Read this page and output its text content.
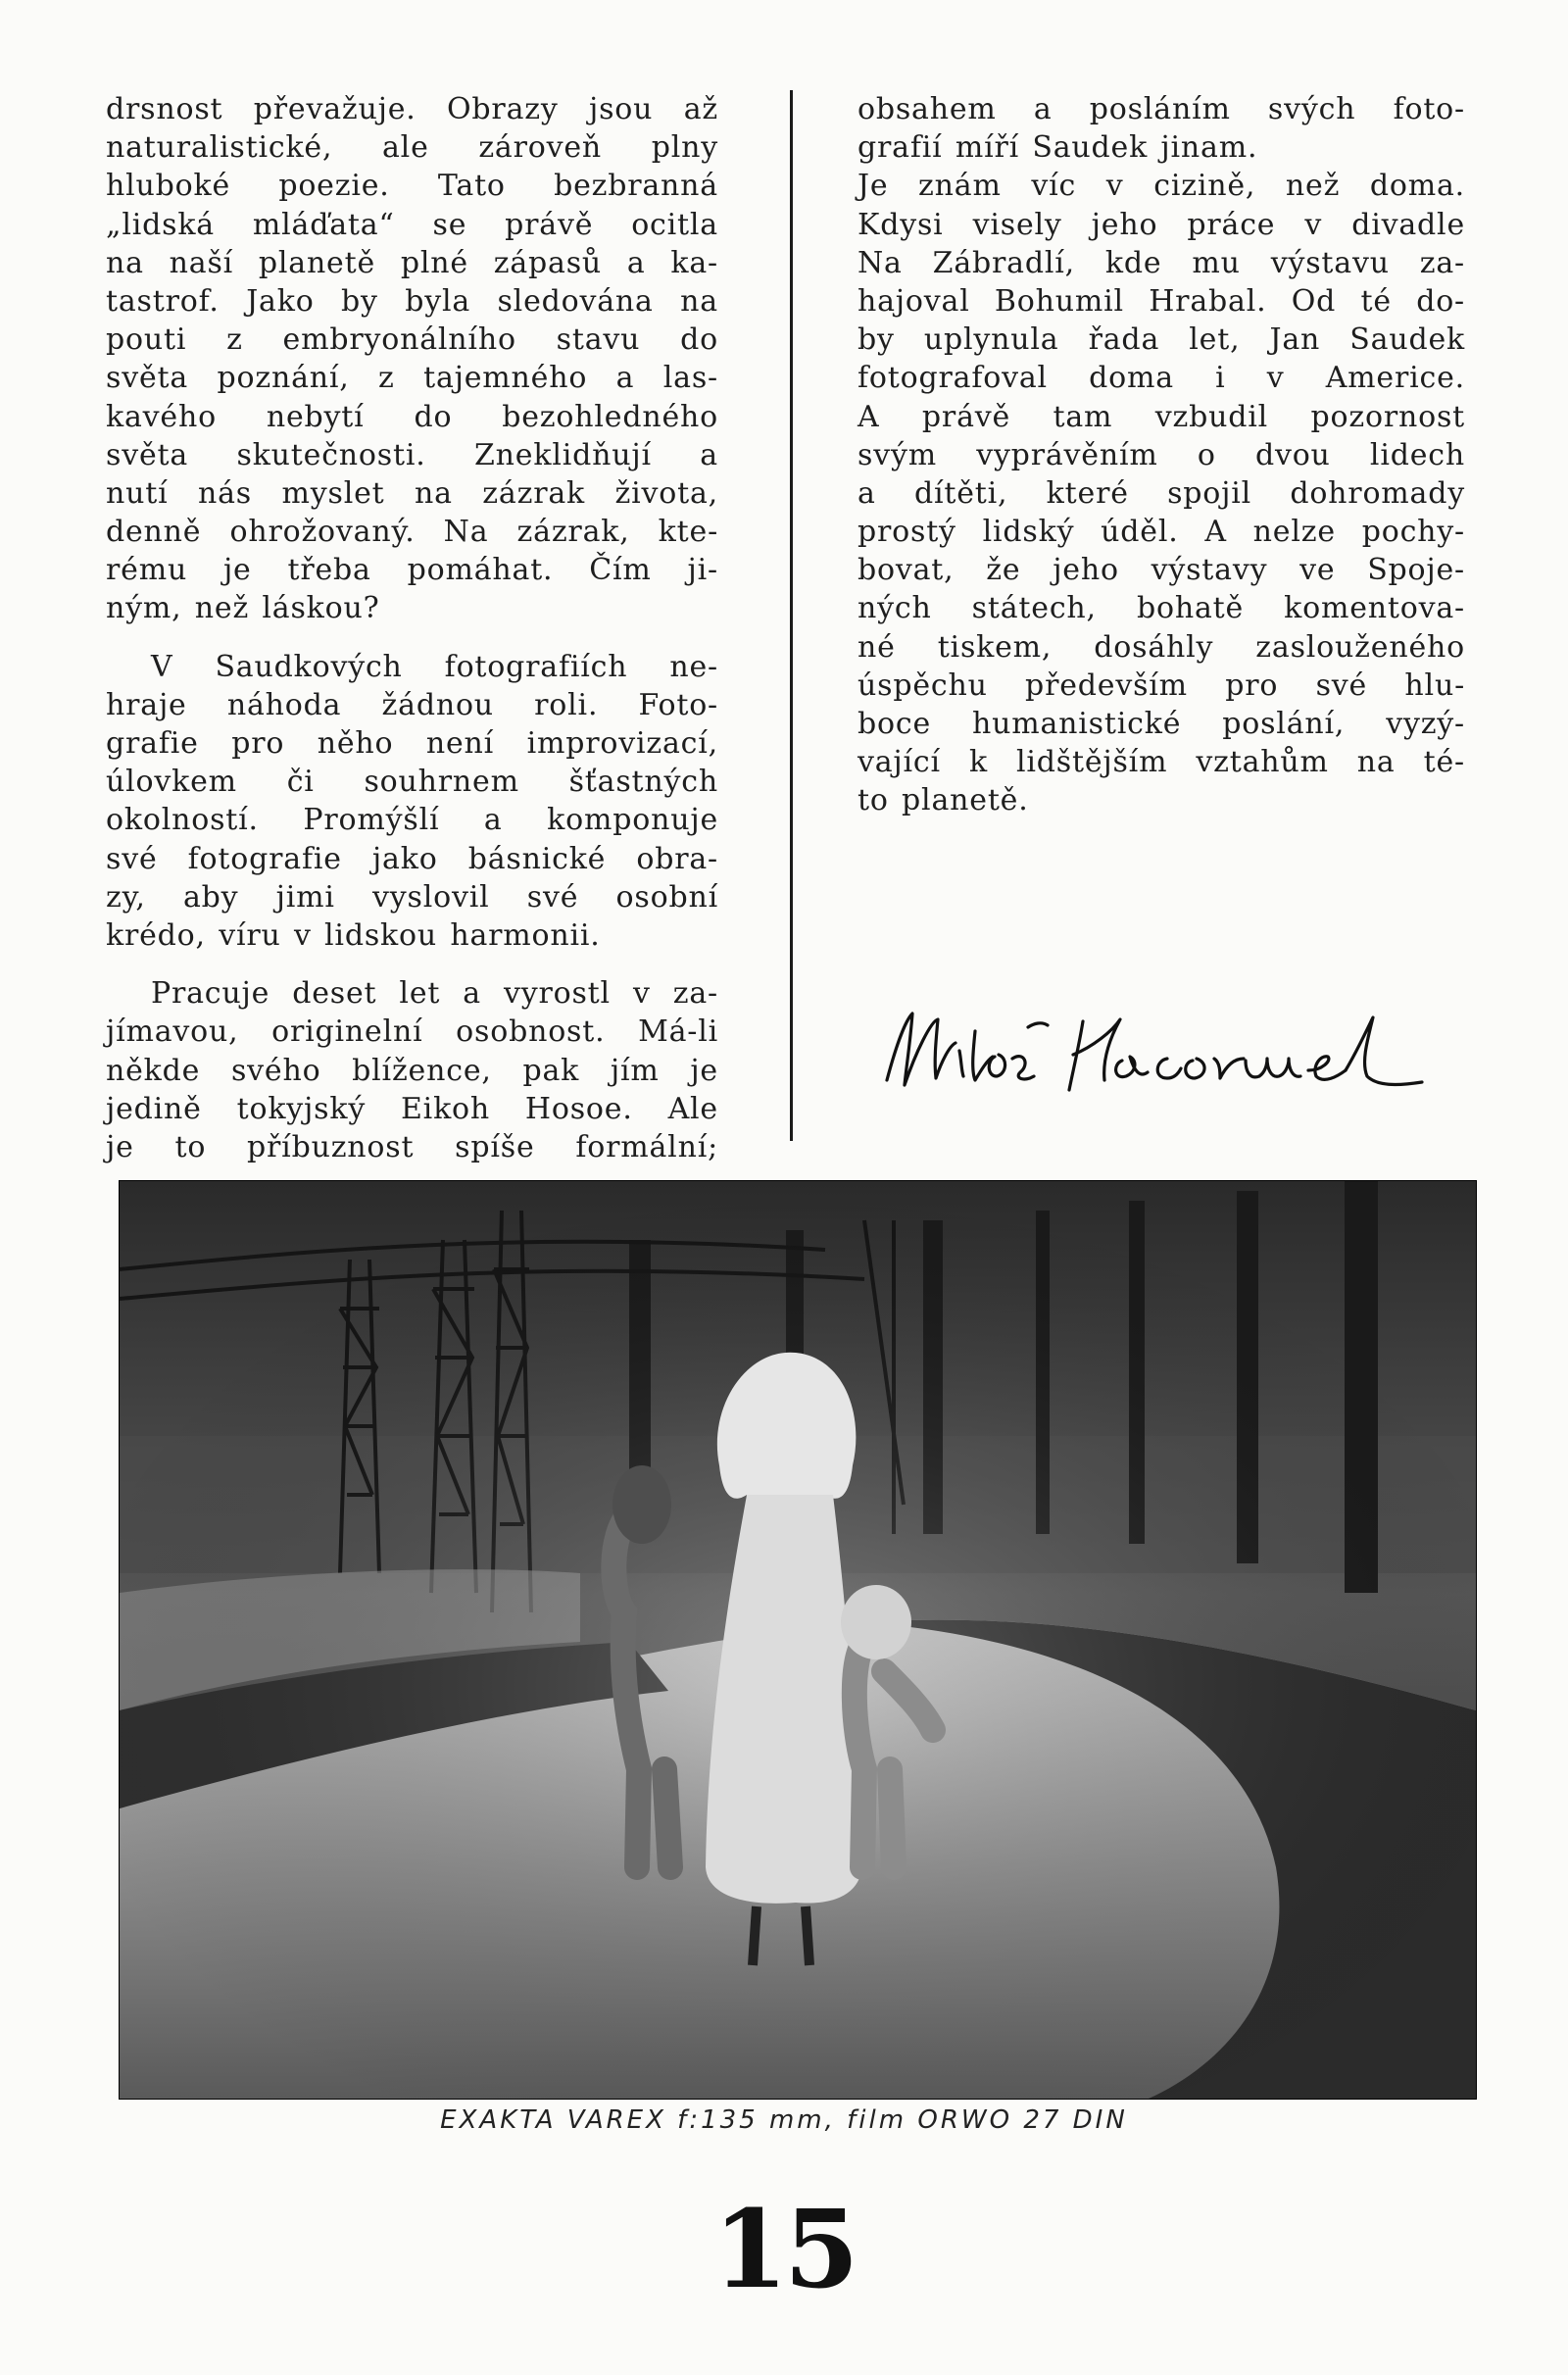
drsnost převažuje. Obrazy jsou až
naturalistické, ale zároveň plny
hluboké poezie. Tato bezbranná
„lidská mláďata“ se právě ocitla
na naší planetě plné zápasů a ka-
tastrof. Jako by byla sledována na
pouti z embryonálního stavu do
světa poznání, z tajemného a las-
kavého nebytí do bezohledného
světa skutečnosti. Zneklidňují a
nutí nás myslet na zázrak života,
denně ohrožovaný. Na zázrak, kte-
rému je třeba pomáhat. Čím ji-
ným, než láskou?
V Saudkových fotografiích ne-
hraje náhoda žádnou roli. Foto-
grafie pro něho není improvizací,
úlovkem či souhrnem šťastných
okolností. Promýšlí a komponuje
své fotografie jako básnické obra-
zy, aby jimi vyslovil své osobní
krédo, víru v lidskou harmonii.
Pracuje deset let a vyrostl v za-
jímavou, originelní osobnost. Má-li
někde svého blížence, pak jím je
jedině tokyjský Eikoh Hosoe. Ale
je to příbuznost spíše formální;
obsahem a posláním svých foto-
grafií míří Saudek jinam.
Je znám víc v cizině, než doma.
Kdysi visely jeho práce v divadle
Na Zábradlí, kde mu výstavu za-
hajoval Bohumil Hrabal. Od té do-
by uplynula řada let, Jan Saudek
fotografoval doma i v Americe.
A právě tam vzbudil pozornost
svým vyprávěním o dvou lidech
a dítěti, které spojil dohromady
prostý lidský úděl. A nelze pochy-
bovat, že jeho výstavy ve Spoje-
ných státech, bohatě komentova-
né tiskem, dosáhly zaslouženého
úspěchu především pro své hlu-
boce humanistické poslání, vyzý-
vající k lidštějším vztahům na té-
to planetě.
EXAKTA VAREX f:135 mm, film ORWO 27 DIN
15
